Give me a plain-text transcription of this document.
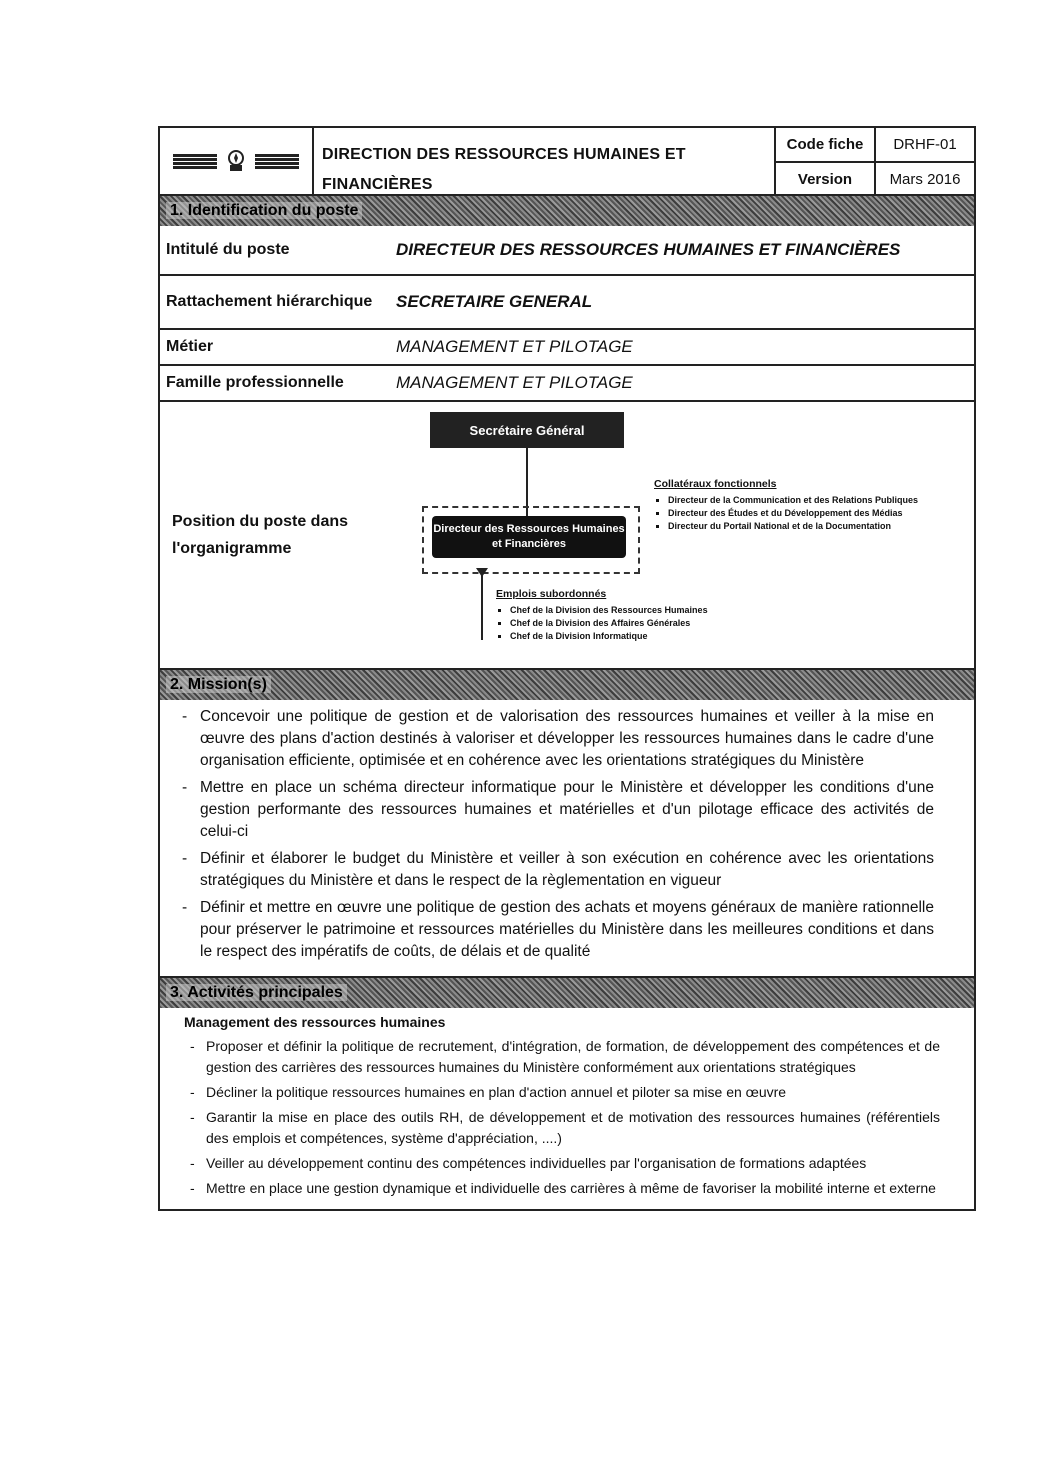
DIRECTION DES RESSOURCES HUMAINES ET FINANCIÈRES
Code fiche	DRHF-01
Version	Mars 2016
1. Identification du poste
Intitulé du poste	DIRECTEUR DES RESSOURCES HUMAINES ET FINANCIÈRES
Rattachement hiérarchique	SECRETAIRE GENERAL
Métier	MANAGEMENT ET PILOTAGE
Famille professionnelle	MANAGEMENT ET PILOTAGE
Position du poste dans l'organigramme
Secrétaire Général
Directeur des Ressources Humaines et Financières
Collatéraux fonctionnels
▪ Directeur de la Communication et des Relations Publiques
▪ Directeur des Études et du Développement des Médias
▪ Directeur du Portail National et de la Documentation
Emplois subordonnés
▪ Chef de la Division des Ressources Humaines
▪ Chef de la Division des Affaires Générales
▪ Chef de la Division Informatique
2. Mission(s)
- Concevoir une politique de gestion et de valorisation des ressources humaines et veiller à la mise en œuvre des plans d'action destinés à valoriser et développer les ressources humaines dans le cadre d'une organisation efficiente, optimisée et en cohérence avec les orientations stratégiques du Ministère
- Mettre en place un schéma directeur informatique pour le Ministère et développer les conditions d'une gestion performante des ressources humaines et matérielles et d'un pilotage efficace des activités de celui-ci
- Définir et élaborer le budget du Ministère et veiller à son exécution en cohérence avec les orientations stratégiques du Ministère et dans le respect de la règlementation en vigueur
- Définir et mettre en œuvre une politique de gestion des achats et moyens généraux de manière rationnelle pour préserver le patrimoine et ressources matérielles du Ministère dans les meilleures conditions et dans le respect des impératifs de coûts, de délais et de qualité
3. Activités principales
Management des ressources humaines
- Proposer et définir la politique de recrutement, d'intégration, de formation, de développement des compétences et de gestion des carrières des ressources humaines du Ministère conformément aux orientations stratégiques
- Décliner la politique ressources humaines en plan d'action annuel et piloter sa mise en œuvre
- Garantir la mise en place des outils RH, de développement et de motivation des ressources humaines (référentiels des emplois et compétences, système d'appréciation, ....)
- Veiller au développement continu des compétences individuelles par l'organisation de formations adaptées
- Mettre en place une gestion dynamique et individuelle des carrières à même de favoriser la mobilité interne et externe
